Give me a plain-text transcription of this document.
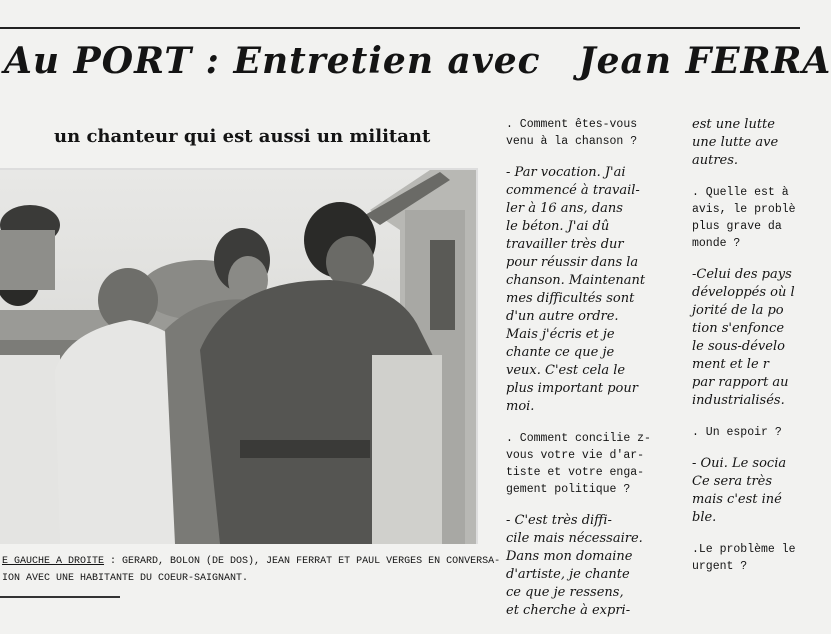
Au PORT : Entretien avec Jean FERRA
un chanteur qui est aussi un militant
E GAUCHE A DROITE : GERARD, BOLON (DE DOS), JEAN FERRAT ET PAUL VERGES EN CONVERSA-
ION AVEC UNE HABITANTE DU COEUR-SAIGNANT.

. Comment êtes-vous
venu à la chanson ?

- Par vocation. J'ai
commencé à travail-
ler à 16 ans, dans
le béton. J'ai dû
travailler très dur
pour réussir dans la
chanson. Maintenant
mes difficultés sont
d'un autre ordre.
Mais j'écris et je
chante ce que je
veux. C'est cela le
plus important pour
moi.

. Comment concilie z-
vous votre vie d'ar-
tiste et votre enga-
gement politique ?

- C'est très diffi-
cile mais nécessaire.
Dans mon domaine
d'artiste, je chante
ce que je ressens,
et cherche à expri-

est une lutte
une lutte ave
autres.

. Quelle est à
avis, le problè
plus grave da
monde ?

-Celui des pays
développés où l
jorité de la po
tion s'enfonce
le sous-dévelo
ment et le r
par rapport au
industrialisés.

. Un espoir ?

- Oui. Le socia
Ce sera très
mais c'est iné
ble.

.Le problème le
urgent ?
